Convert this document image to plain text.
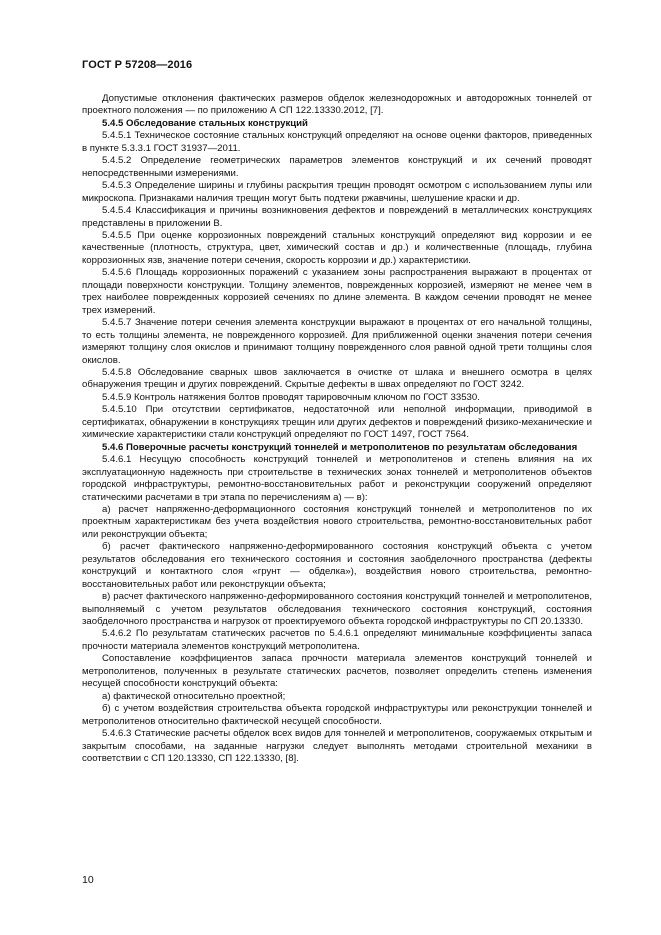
ГОСТ Р 57208—2016

Допустимые отклонения фактических размеров обделок железнодорожных и автодорожных тоннелей от проектного положения — по приложению А СП 122.13330.2012, [7].

5.4.5 Обследование стальных конструкций

5.4.5.1 Техническое состояние стальных конструкций определяют на основе оценки факторов, приведенных в пункте 5.3.3.1 ГОСТ 31937—2011.

5.4.5.2 Определение геометрических параметров элементов конструкций и их сечений проводят непосредственными измерениями.

5.4.5.3 Определение ширины и глубины раскрытия трещин проводят осмотром с использованием лупы или микроскопа. Признаками наличия трещин могут быть подтеки ржавчины, шелушение краски и др.

5.4.5.4 Классификация и причины возникновения дефектов и повреждений в металлических конструкциях представлены в приложении В.

5.4.5.5 При оценке коррозионных повреждений стальных конструкций определяют вид коррозии и ее качественные (плотность, структура, цвет, химический состав и др.) и количественные (площадь, глубина коррозионных язв, значение потери сечения, скорость коррозии и др.) характеристики.

5.4.5.6 Площадь коррозионных поражений с указанием зоны распространения выражают в процентах от площади поверхности конструкции. Толщину элементов, поврежденных коррозией, измеряют не менее чем в трех наиболее поврежденных коррозией сечениях по длине элемента. В каждом сечении проводят не менее трех измерений.

5.4.5.7 Значение потери сечения элемента конструкции выражают в процентах от его начальной толщины, то есть толщины элемента, не поврежденного коррозией. Для приближенной оценки значения потери сечения измеряют толщину слоя окислов и принимают толщину поврежденного слоя равной одной трети толщины слоя окислов.

5.4.5.8 Обследование сварных швов заключается в очистке от шлака и внешнего осмотра в целях обнаружения трещин и других повреждений. Скрытые дефекты в швах определяют по ГОСТ 3242.

5.4.5.9 Контроль натяжения болтов проводят тарировочным ключом по ГОСТ 33530.

5.4.5.10 При отсутствии сертификатов, недостаточной или неполной информации, приводимой в сертификатах, обнаружении в конструкциях трещин или других дефектов и повреждений физико-механические и химические характеристики стали конструкций определяют по ГОСТ 1497, ГОСТ 7564.

5.4.6 Поверочные расчеты конструкций тоннелей и метрополитенов по результатам обследования

5.4.6.1 Несущую способность конструкций тоннелей и метрополитенов и степень влияния на их эксплуатационную надежность при строительстве в технических зонах тоннелей и метрополитенов объектов городской инфраструктуры, ремонтно-восстановительных работ и реконструкции сооружений определяют статическими расчетами в три этапа по перечислениям а) — в):

а) расчет напряженно-деформационного состояния конструкций тоннелей и метрополитенов по их проектным характеристикам без учета воздействия нового строительства, ремонтно-восстановительных работ или реконструкции объекта;

б) расчет фактического напряженно-деформированного состояния конструкций объекта с учетом результатов обследования его технического состояния и состояния заобделочного пространства (дефекты конструкций и контактного слоя «грунт — обделка»), воздействия нового строительства, ремонтно-восстановительных работ или реконструкции объекта;

в) расчет фактического напряженно-деформированного состояния конструкций тоннелей и метрополитенов, выполняемый с учетом результатов обследования технического состояния конструкций, состояния заобделочного пространства и нагрузок от проектируемого объекта городской инфраструктуры по СП 20.13330.

5.4.6.2 По результатам статических расчетов по 5.4.6.1 определяют минимальные коэффициенты запаса прочности материала элементов конструкций метрополитена.

Сопоставление коэффициентов запаса прочности материала элементов конструкций тоннелей и метрополитенов, полученных в результате статических расчетов, позволяет определить степень изменения несущей способности конструкций объекта:

а) фактической относительно проектной;

б) с учетом воздействия строительства объекта городской инфраструктуры или реконструкции тоннелей и метрополитенов относительно фактической несущей способности.

5.4.6.3 Статические расчеты обделок всех видов для тоннелей и метрополитенов, сооружаемых открытым и закрытым способами, на заданные нагрузки следует выполнять методами строительной механики в соответствии с СП 120.13330, СП 122.13330, [8].

10
